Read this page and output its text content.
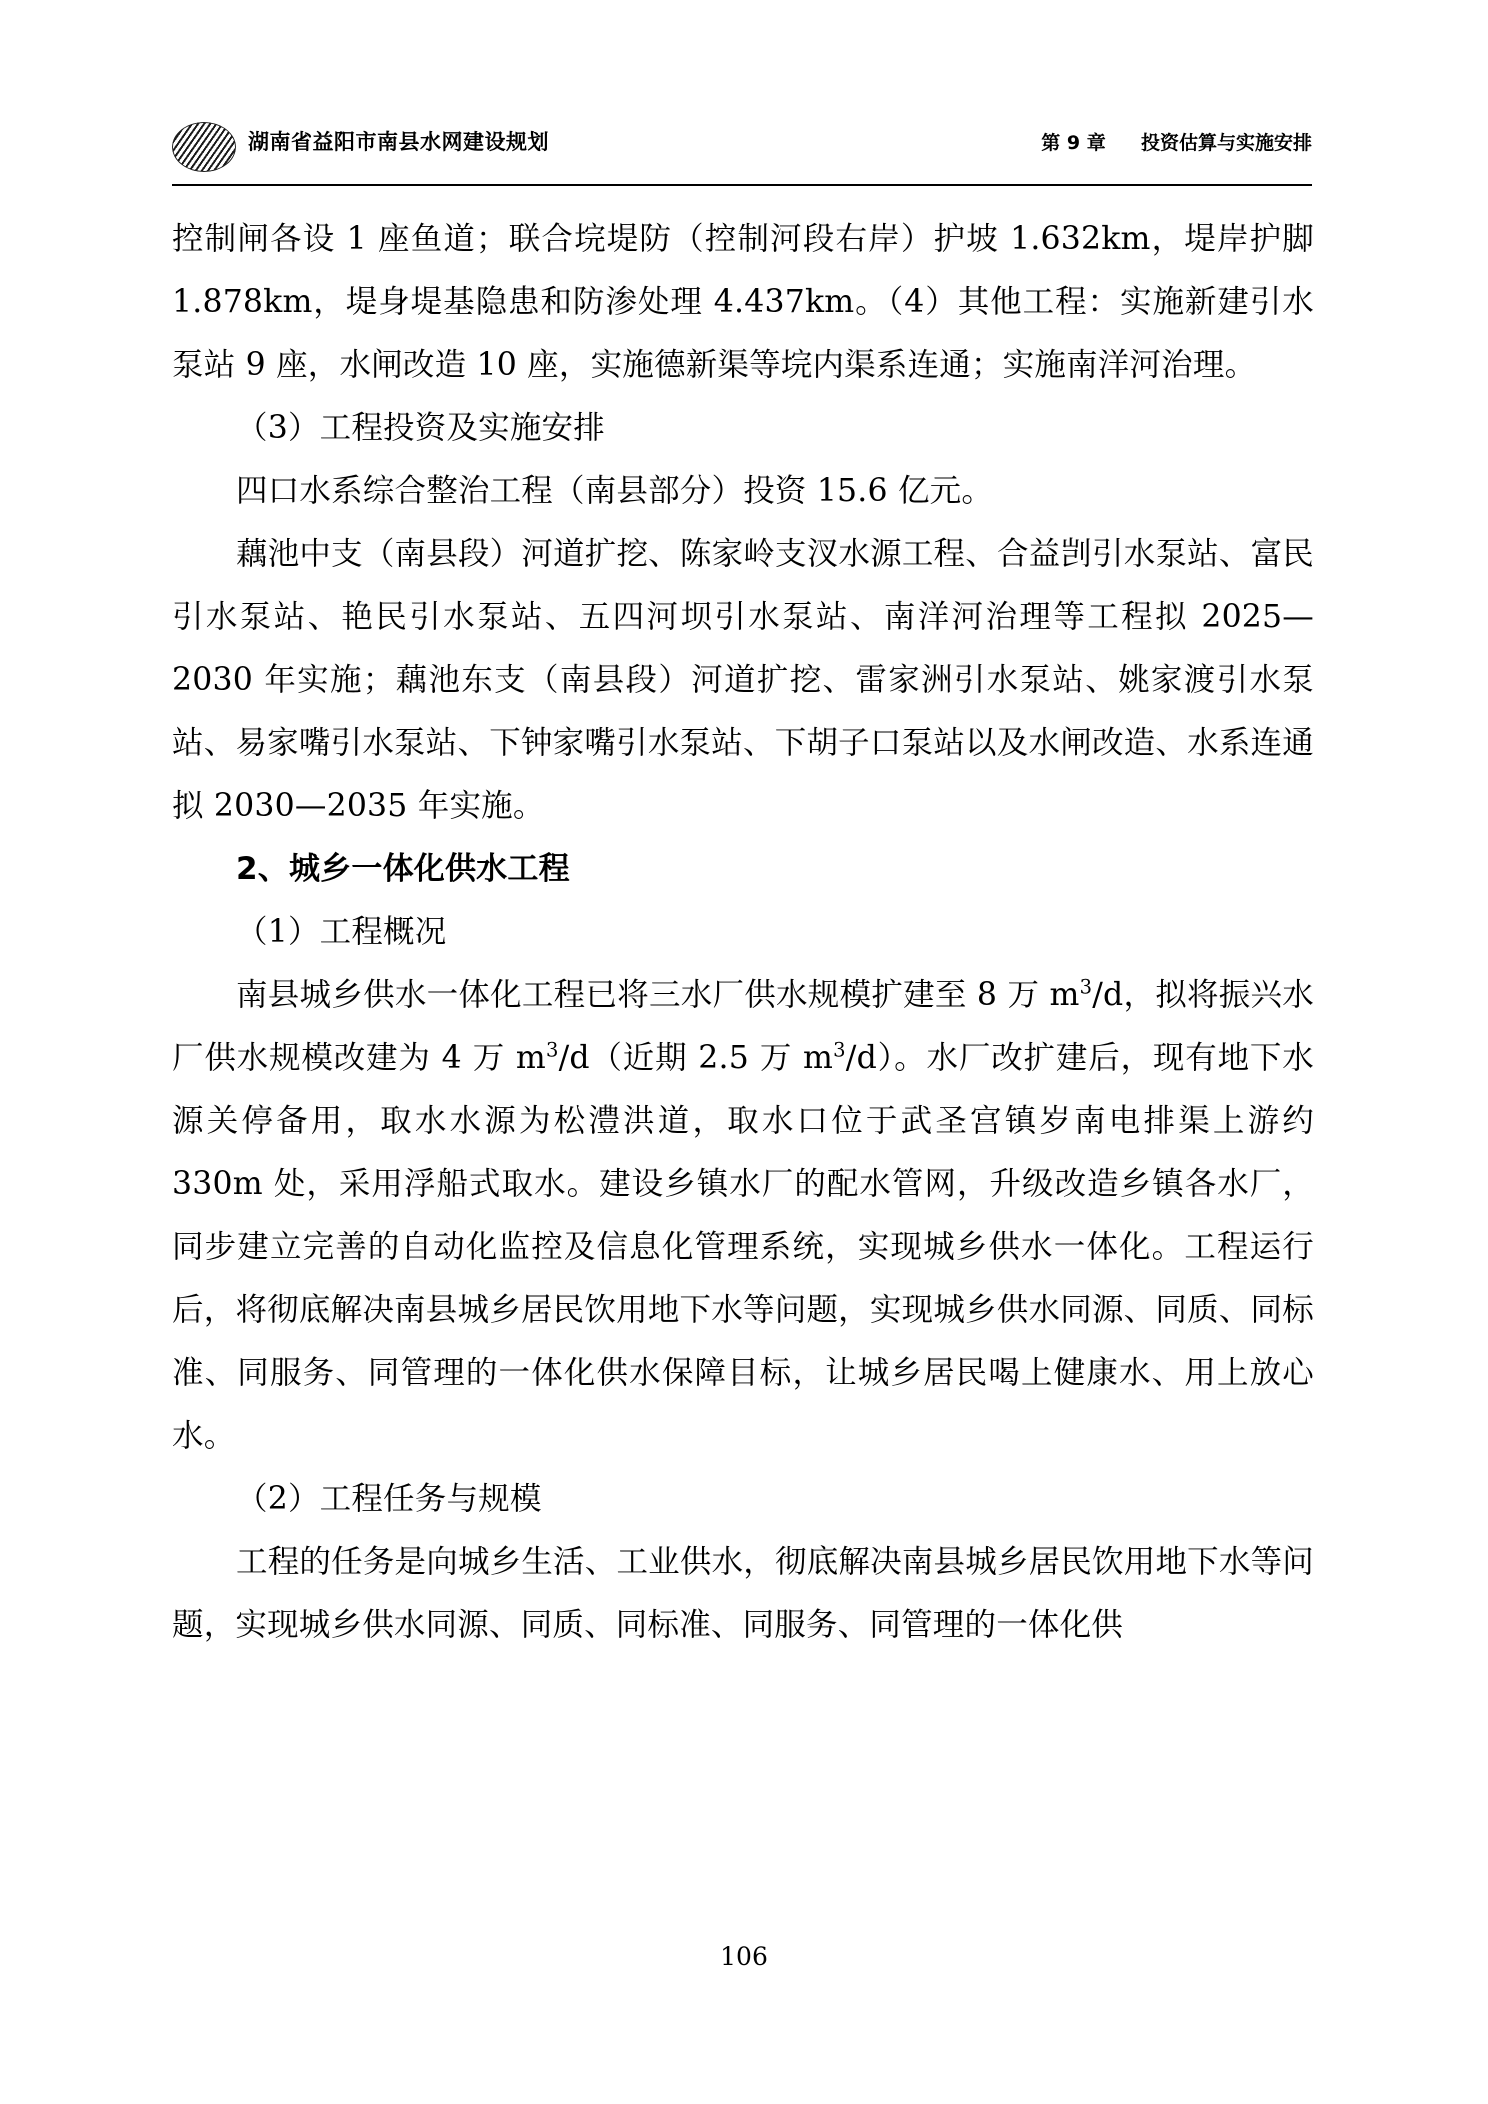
湖南省益阳市南县水网建设规划	第 9 章 投资估算与实施安排

控制闸各设 1 座鱼道；联合垸堤防（控制河段右岸）护坡 1.632km，堤岸护脚 1.878km，堤身堤基隐患和防渗处理 4.437km。（4）其他工程：实施新建引水泵站 9 座，水闸改造 10 座，实施德新渠等垸内渠系连通；实施南洋河治理。

（3）工程投资及实施安排

四口水系综合整治工程（南县部分）投资 15.6 亿元。

藕池中支（南县段）河道扩挖、陈家岭支汊水源工程、合益剀引水泵站、富民引水泵站、艳民引水泵站、五四河坝引水泵站、南洋河治理等工程拟 2025—2030 年实施；藕池东支（南县段）河道扩挖、雷家洲引水泵站、姚家渡引水泵站、易家嘴引水泵站、下钟家嘴引水泵站、下胡子口泵站以及水闸改造、水系连通拟 2030—2035 年实施。

2、城乡一体化供水工程

（1）工程概况

南县城乡供水一体化工程已将三水厂供水规模扩建至 8 万 $m^3/d$，拟将振兴水厂供水规模改建为 4 万 $m^3/d$（近期 2.5 万 $m^3/d$）。水厂改扩建后，现有地下水源关停备用，取水水源为松澧洪道，取水口位于武圣宫镇岁南电排渠上游约 330m 处，采用浮船式取水。建设乡镇水厂的配水管网，升级改造乡镇各水厂，同步建立完善的自动化监控及信息化管理系统，实现城乡供水一体化。工程运行后，将彻底解决南县城乡居民饮用地下水等问题，实现城乡供水同源、同质、同标准、同服务、同管理的一体化供水保障目标，让城乡居民喝上健康水、用上放心水。

（2）工程任务与规模

工程的任务是向城乡生活、工业供水，彻底解决南县城乡居民饮用地下水等问题，实现城乡供水同源、同质、同标准、同服务、同管理的一体化供

106
